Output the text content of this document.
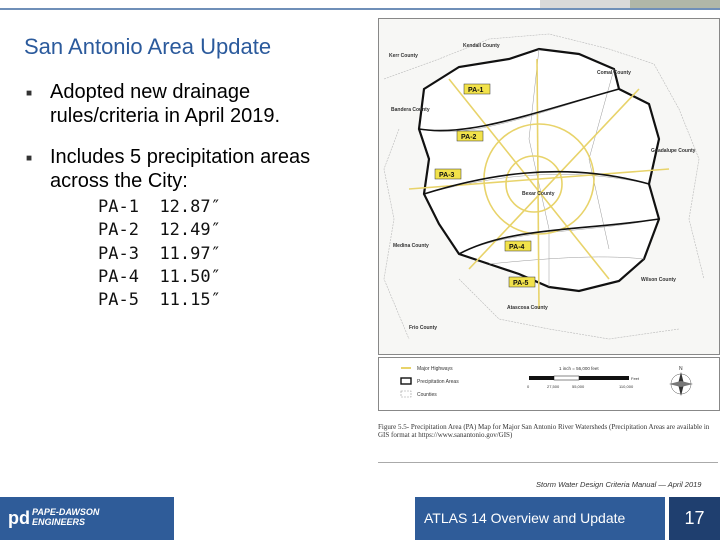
San Antonio Area Update
■ Adopted new drainage
rules/criteria in April 2019.
■ Includes 5 precipitation areas
across the City:
PA-1 12.87″
PA-2 12.49″
PA-3 11.97″
PA-4 11.50″
PA-5 11.15″
PA-1
PA-2
PA-3
PA-4
PA-5
Bexar County
Kerr County
Kendall County
Comal County
Guadalupe County
Bandera County
Medina County
Wilson County
Atascosa County
Frio County
Major Highways
Precipitation Areas
Counties
1 inch = 56,000 feet
0	27,500	55,000	110,000
Feet
N
Figure 5.5- Precipitation Area (PA) Map for Major San Antonio River Watersheds (Precipitation Areas are available in GIS format at https://www.sanantonio.gov/GIS)
Storm Water Design Criteria Manual — April 2019
pd PAPE-DAWSON
ENGINEERS	ATLAS 14 Overview and Update	17
